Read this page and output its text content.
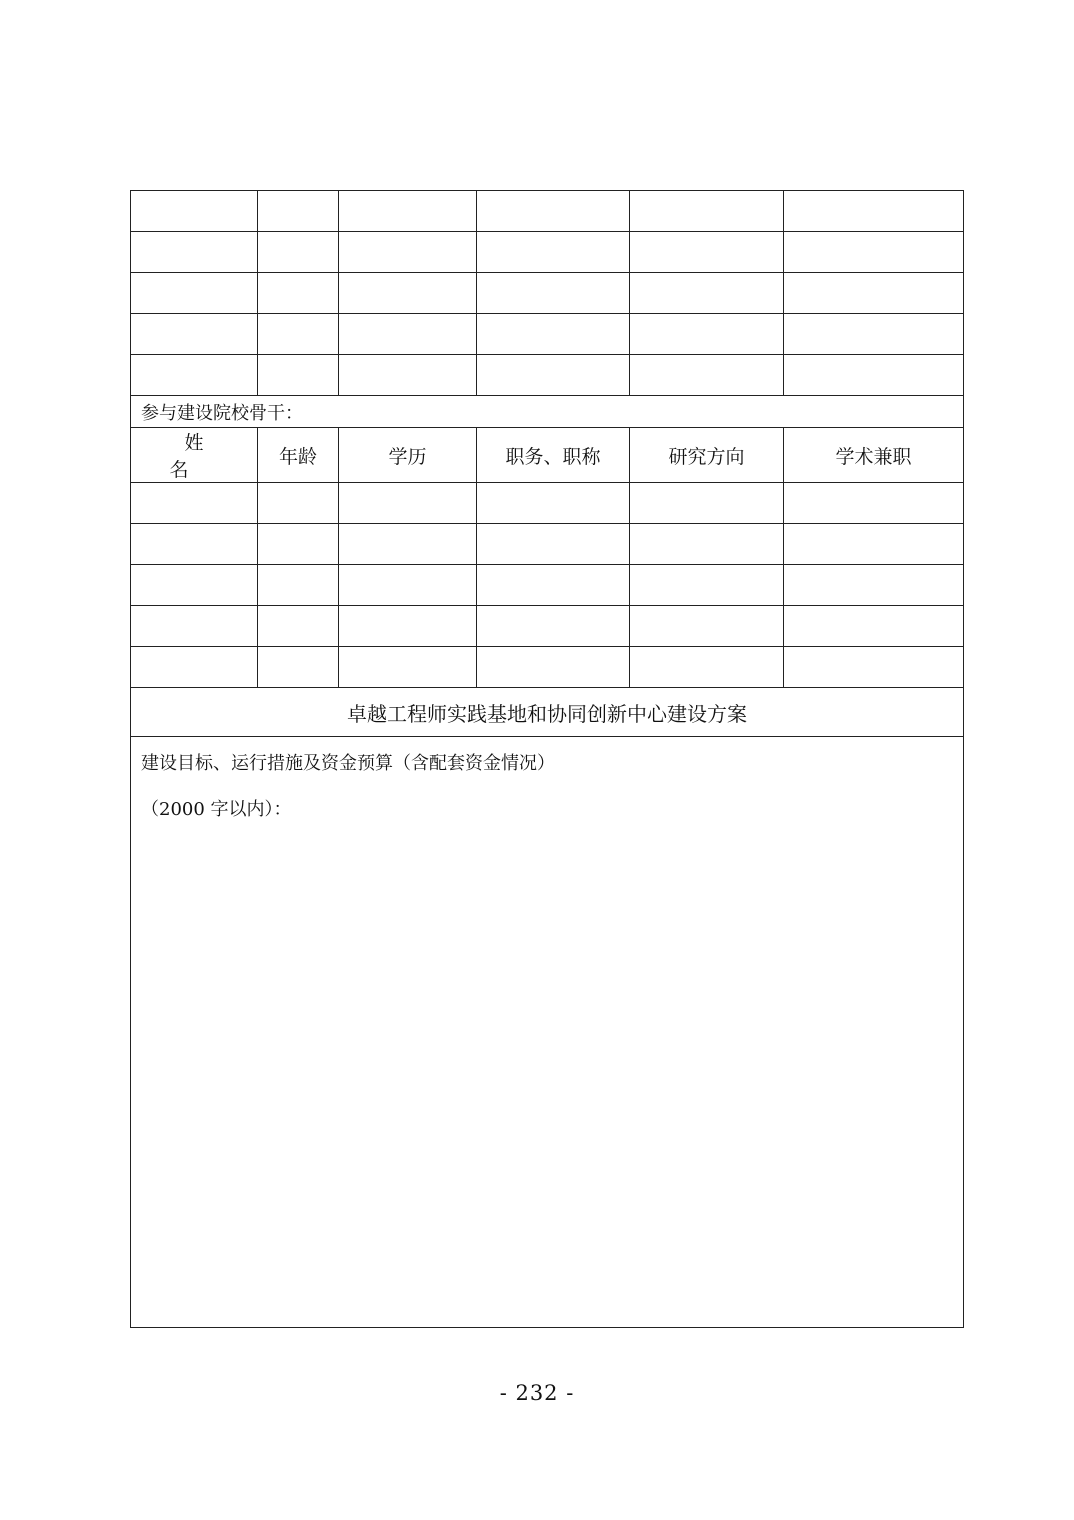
参与建设院校骨干：					
姓名	年龄	学历	职务、职称	研究方向	学术兼职

卓越工程师实践基地和协同创新中心建设方案					

建设目标、运行措施及资金预算（含配套资金情况）
（2000 字以内）：					
- 232 -
